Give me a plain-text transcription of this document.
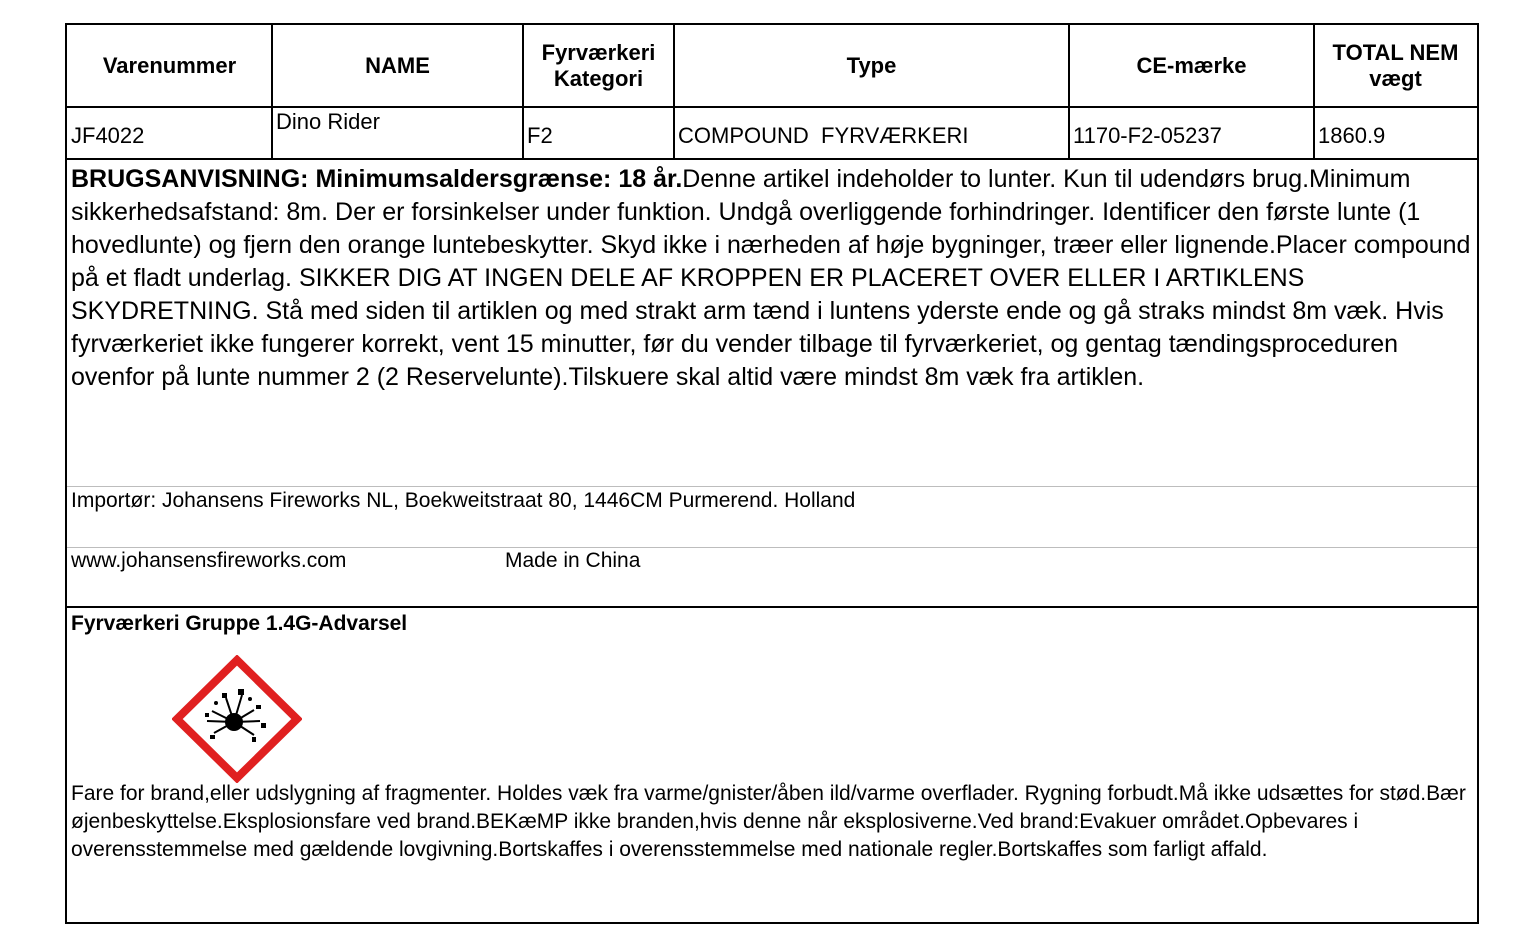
Varenummer	NAME	Fyrværkeri Kategori	Type	CE-mærke	TOTAL NEM vægt
JF4022	Dino Rider	F2	COMPOUND  FYRVÆRKERI	1170-F2-05237	1860.9
BRUGSANVISNING: Minimumsaldersgrænse: 18 år.Denne artikel indeholder to lunter. Kun til udendørs brug.Minimum sikkerhedsafstand: 8m. Der er forsinkelser under funktion. Undgå overliggende forhindringer. Identificer den første lunte (1 hovedlunte) og fjern den orange luntebeskytter. Skyd ikke i nærheden af høje bygninger, træer eller lignende.Placer compound på et fladt underlag. SIKKER DIG AT INGEN DELE AF KROPPEN ER PLACERET OVER ELLER I ARTIKLENS SKYDRETNING. Stå med siden til artiklen og med strakt arm tænd i luntens yderste ende og gå straks mindst 8m væk. Hvis fyrværkeriet ikke fungerer korrekt, vent 15 minutter, før du vender tilbage til fyrværkeriet, og gentag tændingsproceduren ovenfor på lunte nummer 2 (2 Reservelunte).Tilskuere skal altid være mindst 8m væk fra artiklen.
Importør: Johansens Fireworks NL, Boekweitstraat 80, 1446CM Purmerend. Holland
www.johansensfireworks.com	Made in China
Fyrværkeri Gruppe 1.4G-Advarsel
Fare for brand,eller udslygning af fragmenter. Holdes væk fra varme/gnister/åben ild/varme overflader. Rygning forbudt.Må ikke udsættes for stød.Bær øjenbeskyttelse.Eksplosionsfare ved brand.BEKæMP ikke branden,hvis denne når eksplosiverne.Ved brand:Evakuer området.Opbevares i overensstemmelse med gældende lovgivning.Bortskaffes i overensstemmelse med nationale regler.Bortskaffes som farligt affald.
